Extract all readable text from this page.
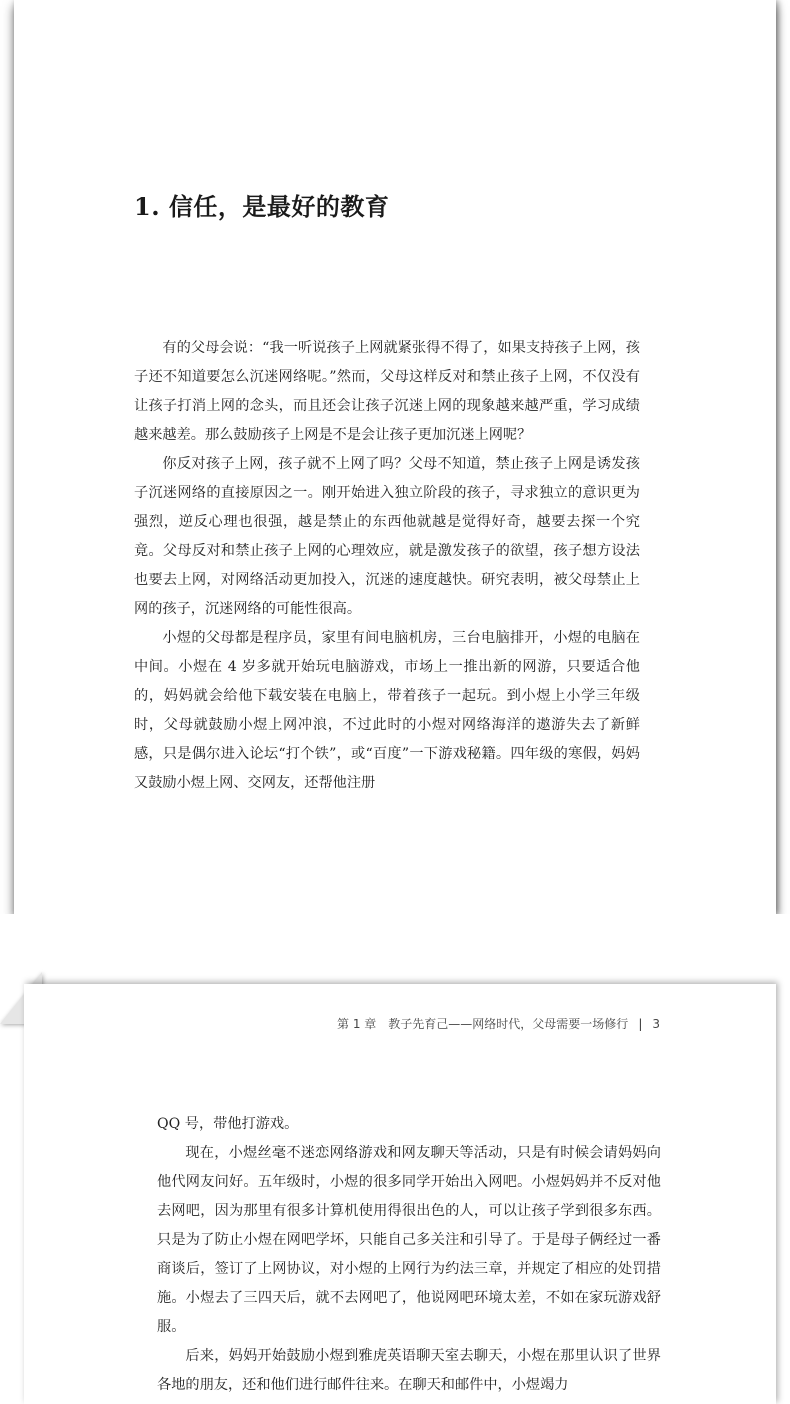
1. 信任，是最好的教育

有的父母会说：“我一听说孩子上网就紧张得不得了，如果支持孩子上网，孩子还不知道要怎么沉迷网络呢。”然而，父母这样反对和禁止孩子上网，不仅没有让孩子打消上网的念头，而且还会让孩子沉迷上网的现象越来越严重，学习成绩越来越差。那么鼓励孩子上网是不是会让孩子更加沉迷上网呢？

你反对孩子上网，孩子就不上网了吗？父母不知道，禁止孩子上网是诱发孩子沉迷网络的直接原因之一。刚开始进入独立阶段的孩子，寻求独立的意识更为强烈，逆反心理也很强，越是禁止的东西他就越是觉得好奇，越要去探一个究竟。父母反对和禁止孩子上网的心理效应，就是激发孩子的欲望，孩子想方设法也要去上网，对网络活动更加投入，沉迷的速度越快。研究表明，被父母禁止上网的孩子，沉迷网络的可能性很高。

小煜的父母都是程序员，家里有间电脑机房，三台电脑排开，小煜的电脑在中间。小煜在 4 岁多就开始玩电脑游戏，市场上一推出新的网游，只要适合他的，妈妈就会给他下载安装在电脑上，带着孩子一起玩。到小煜上小学三年级时，父母就鼓励小煜上网冲浪，不过此时的小煜对网络海洋的遨游失去了新鲜感，只是偶尔进入论坛“打个铁”，或“百度”一下游戏秘籍。四年级的寒假，妈妈又鼓励小煜上网、交网友，还帮他注册

第 1 章　教子先育己——网络时代，父母需要一场修行 | 3

QQ 号，带他打游戏。

现在，小煜丝毫不迷恋网络游戏和网友聊天等活动，只是有时候会请妈妈向他代网友问好。五年级时，小煜的很多同学开始出入网吧。小煜妈妈并不反对他去网吧，因为那里有很多计算机使用得很出色的人，可以让孩子学到很多东西。只是为了防止小煜在网吧学坏，只能自己多关注和引导了。于是母子俩经过一番商谈后，签订了上网协议，对小煜的上网行为约法三章，并规定了相应的处罚措施。小煜去了三四天后，就不去网吧了，他说网吧环境太差，不如在家玩游戏舒服。

后来，妈妈开始鼓励小煜到雅虎英语聊天室去聊天，小煜在那里认识了世界各地的朋友，还和他们进行邮件往来。在聊天和邮件中，小煜竭力
